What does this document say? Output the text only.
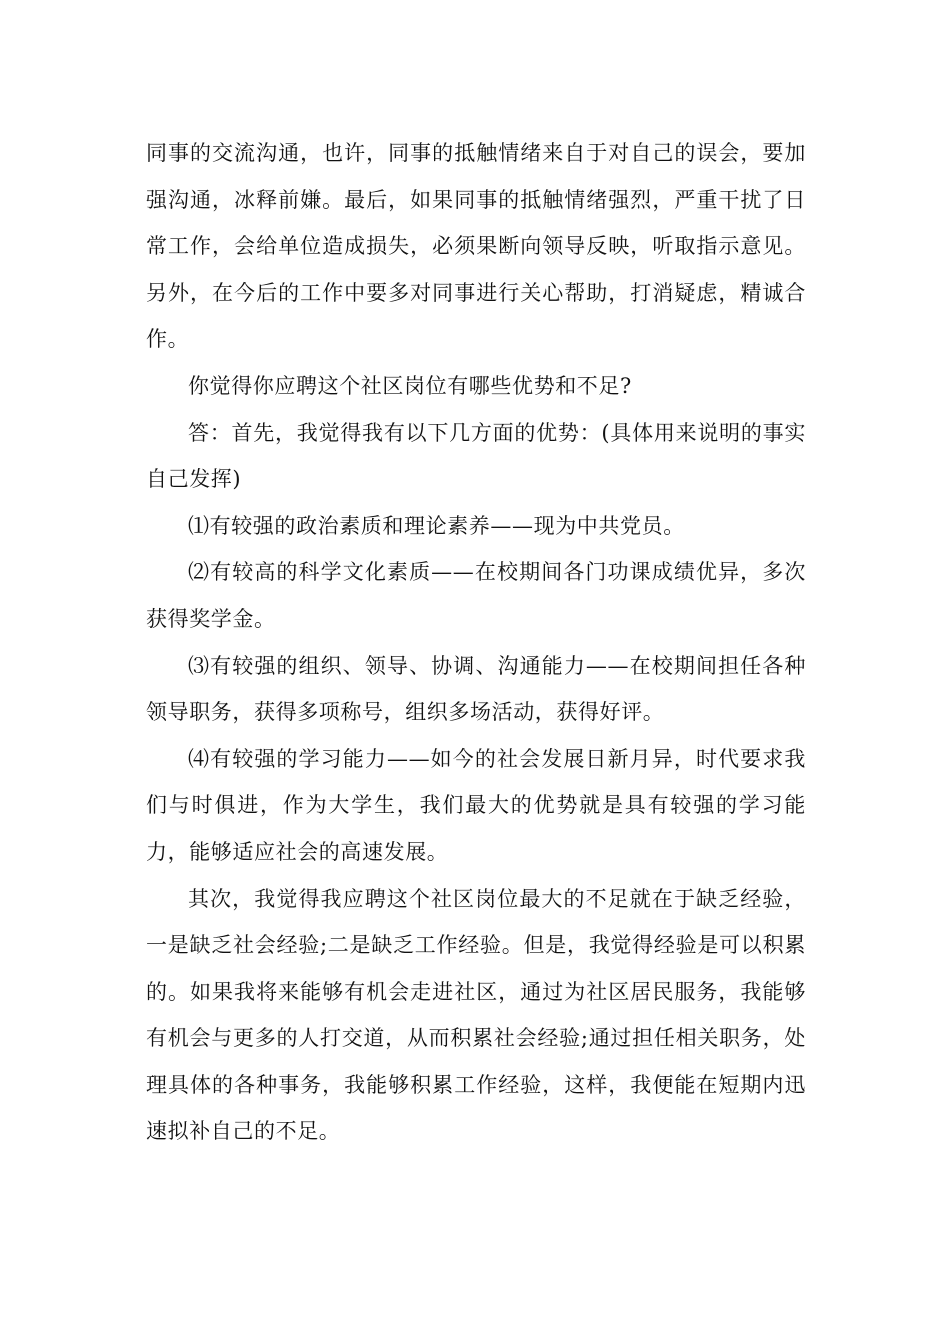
同事的交流沟通，也许，同事的抵触情绪来自于对自己的误会，要加强沟通，冰释前嫌。最后，如果同事的抵触情绪强烈，严重干扰了日常工作，会给单位造成损失，必须果断向领导反映，听取指示意见。另外，在今后的工作中要多对同事进行关心帮助，打消疑虑，精诚合作。

你觉得你应聘这个社区岗位有哪些优势和不足?

答：首先，我觉得我有以下几方面的优势：(具体用来说明的事实自己发挥)

⑴有较强的政治素质和理论素养——现为中共党员。

⑵有较高的科学文化素质——在校期间各门功课成绩优异，多次获得奖学金。

⑶有较强的组织、领导、协调、沟通能力——在校期间担任各种领导职务，获得多项称号，组织多场活动，获得好评。

⑷有较强的学习能力——如今的社会发展日新月异，时代要求我们与时俱进，作为大学生，我们最大的优势就是具有较强的学习能力，能够适应社会的高速发展。

其次，我觉得我应聘这个社区岗位最大的不足就在于缺乏经验，一是缺乏社会经验;二是缺乏工作经验。但是，我觉得经验是可以积累的。如果我将来能够有机会走进社区，通过为社区居民服务，我能够有机会与更多的人打交道，从而积累社会经验;通过担任相关职务，处理具体的各种事务，我能够积累工作经验，这样，我便能在短期内迅速拟补自己的不足。
